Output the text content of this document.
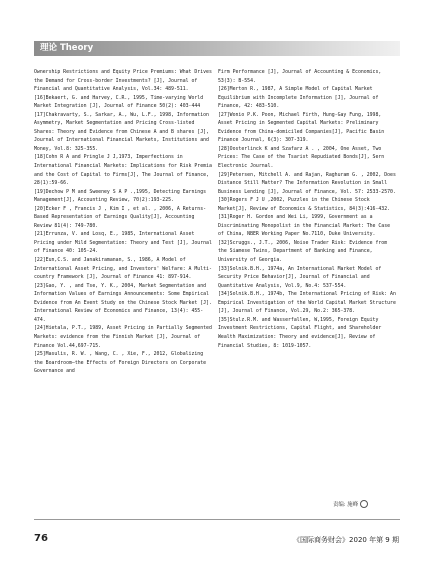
理论 Theory
Ownership Restrictions and Equity Price Premiums: What Drives the Demand for Cross-border Investments? [J], Journal of Financial and Quantitative Analysis, Vol.34: 489-511.
[16]Bekaert, G. and Harvey, C.R., 1995, Time-varying World Market Integration [J], Journal of Finance 50(2): 403-444
[17]Chakravarty, S., Sarkar, A., Wu, L.F., 1998, Information Asymmetry, Market Segmentation and Pricing Cross-listed Shares: Theory and Evidence from Chinese A and B shares [J], Journal of International Financial Markets, Institutions and Money, Vol.8: 325-355.
[18]Cohn R A and Pringle J J,1973, Imperfections in International Financial Markets: Implications for Risk Premia and the Cost of Capital to Firms[J], The Journal of Finance, 28(1):59-66.
[19]Dechow P M and Sweeney S A P .,1995, Detecting Earnings Management[J], Accounting Review, 70(2):193-225.
[20]Ecker F , Francis J , Kim I , et al. , 2006, A Returns-Based Representation of Earnings Quality[J], Accounting Review 81(4): 749-780.
[21]Errunza, V. and Losq, E., 1985, International Asset Pricing under Mild Segmentation: Theory and Test [J], Journal of Finance 40: 105-24.
[22]Eun,C.S. and Janakiramanan, S., 1986, A Model of International Asset Pricing, and Investors' Welfare: A Multi-country Framework [J], Journal of Finance 41: 897-914.
[23]Gao, Y. , and Tse, Y. K., 2004, Market Segmentation and Information Values of Earnings Announcements: Some Empirical Evidence from An Event Study on the Chinese Stock Market [J]. International Review of Economics and Finance, 13(4): 455-474.
[24]Hietala, P.T., 1989, Asset Pricing in Partially Segmented Markets: evidence from the Finnish Market [J], Journal of Finance Vol.44,697-715.
[25]Masulis, R. W. , Wang, C. , Xie, F., 2012, Globalizing the Boardroom—the Effects of Foreign Directors on Corporate Governance and
Firm Performance [J], Journal of Accounting & Economics, 53(3): B-554.
[26]Merton R., 1987, A Simple Model of Capital Market Equilibrium with Incomplete Information [J], Journal of Finance, 42: 483-510.
[27]Wonio P.K. Poon, Michael Firth, Hung-Gay Fung, 1998, Asset Pricing in Segmented Capital Markets: Preliminary Evidence from China-domiciled Companies[J], Pacific Basin Finance Journal, 6(3): 307-319.
[28]Oosterlinck K and Szafarz A . , 2004, One Asset, Two Prices: The Case of the Tsarist Repudiated Bonds[J], Sern Electronic Journal.
[29]Petersen, Mitchell A. and Rajan, Raghuram G. , 2002, Does Distance Still Matter? The Information Revolution in Small Business Lending [J], Journal of Finance, Vol. 57: 2533-2570.
[30]Rogers F J U ,2002, Puzzles in the Chinese Stock Market[J], Review of Economics & Statistics, 84(3):416-432.
[31]Roger H. Gordon and Wei Li, 1999, Government as a Discriminating Monopolist in the Financial Market: The Case of China, NBER Working Paper No.7110, Duke University.
[32]Scruggs., J.T., 2006, Noise Trader Risk: Evidence from the Siamese Twins, Department of Banking and Finance, University of Georgia.
[33]Solnik.B.H., 1974a, An International Market Model of Security Price Behavior[J], Journal of Financial and Quantitative Analysis, Vol.9, No.4: 537-554.
[34]Solnik.B.H., 1974b, The International Pricing of Risk: An Empirical Investigation of the World Capital Market Structure [J], Journal of Finance, Vol.29, No.2: 365-378.
[35]Stulz.R.M. and Wasserfallen, W,1995, Foreign Equity Investment Restrictions, Capital Flight, and Shareholder Wealth Maximization: Theory and evidence[J], Review of Financial Studies, 8: 1019-1057.
责编: 施峰
76	《国际商务财会》2020 年第 9 期
